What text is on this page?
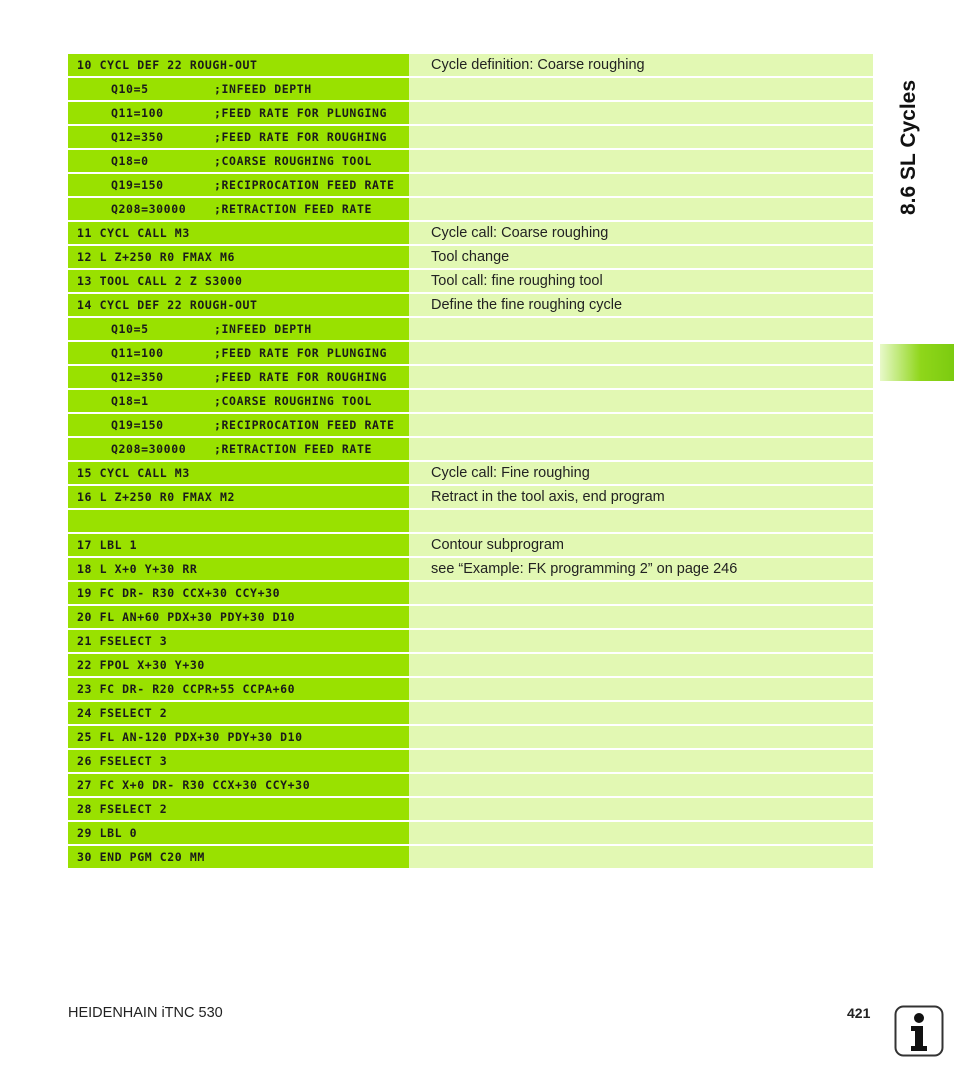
10 CYCL DEF 22 ROUGH-OUT	Cycle definition: Coarse roughing
Q10=5	;INFEED DEPTH
Q11=100	;FEED RATE FOR PLUNGING
Q12=350	;FEED RATE FOR ROUGHING
Q18=0	;COARSE ROUGHING TOOL
Q19=150	;RECIPROCATION FEED RATE
Q208=30000	;RETRACTION FEED RATE
11 CYCL CALL M3	Cycle call: Coarse roughing
12 L Z+250 R0 FMAX M6	Tool change
13 TOOL CALL 2 Z S3000	Tool call: fine roughing tool
14 CYCL DEF 22 ROUGH-OUT	Define the fine roughing cycle
Q10=5	;INFEED DEPTH
Q11=100	;FEED RATE FOR PLUNGING
Q12=350	;FEED RATE FOR ROUGHING
Q18=1	;COARSE ROUGHING TOOL
Q19=150	;RECIPROCATION FEED RATE
Q208=30000	;RETRACTION FEED RATE
15 CYCL CALL M3	Cycle call: Fine roughing
16 L Z+250 R0 FMAX M2	Retract in the tool axis, end program
17 LBL 1	Contour subprogram
18 L X+0 Y+30 RR	see “Example: FK programming 2” on page 246
19 FC DR- R30 CCX+30 CCY+30
20 FL AN+60 PDX+30 PDY+30 D10
21 FSELECT 3
22 FPOL X+30 Y+30
23 FC DR- R20 CCPR+55 CCPA+60
24 FSELECT 2
25 FL AN-120 PDX+30 PDY+30 D10
26 FSELECT 3
27 FC X+0 DR- R30 CCX+30 CCY+30
28 FSELECT 2
29 LBL 0
30 END PGM C20 MM
8.6 SL Cycles
HEIDENHAIN iTNC 530	421
